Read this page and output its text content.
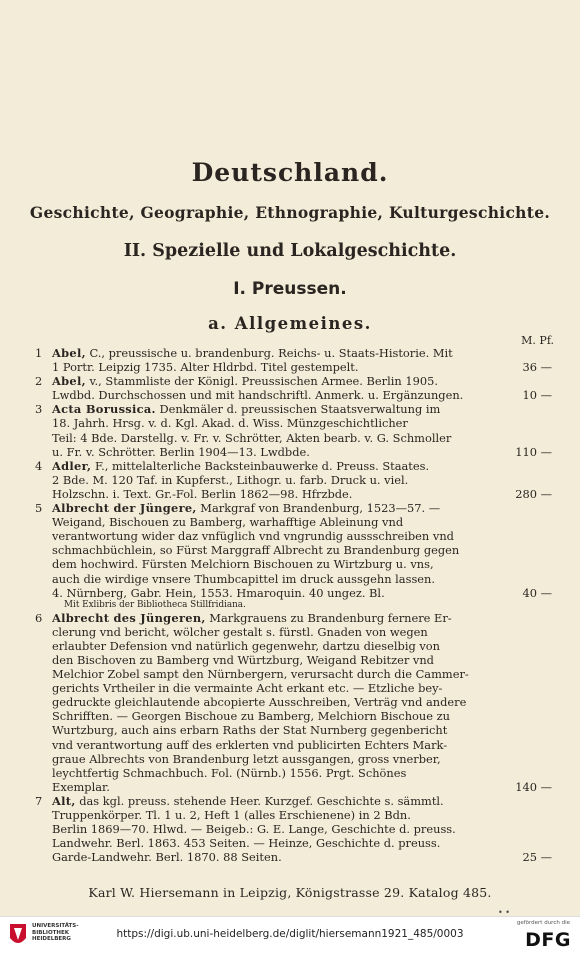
Deutschland.
Geschichte, Geographie, Ethnographie, Kulturgeschichte.
II. Spezielle und Lokalgeschichte.
I. Preussen.
a. Allgemeines.
M. Pf.
1 Abel, C., preussische u. brandenburg. Reichs- u. Staats-Historie. Mit
1 Portr. Leipzig 1735. Alter Hldrbd. Titel gestempelt.	36 —
2 Abel, v., Stammliste der Königl. Preussischen Armee. Berlin 1905.
Lwdbd. Durchschossen und mit handschriftl. Anmerk. u. Ergänzungen.	10 —
3 Acta Borussica. Denkmäler d. preussischen Staatsverwaltung im
18. Jahrh. Hrsg. v. d. Kgl. Akad. d. Wiss. Münzgeschichtlicher
Teil: 4 Bde. Darstellg. v. Fr. v. Schrötter, Akten bearb. v. G. Schmoller
u. Fr. v. Schrötter. Berlin 1904—13. Lwdbde.	110 —
4 Adler, F., mittelalterliche Backsteinbauwerke d. Preuss. Staates.
2 Bde. M. 120 Taf. in Kupferst., Lithogr. u. farb. Druck u. viel.
Holzschn. i. Text. Gr.-Fol. Berlin 1862—98. Hfrzbde.	280 —
5 Albrecht der Jüngere, Markgraf von Brandenburg, 1523—57. —
Weigand, Bischouen zu Bamberg, warhafftige Ableinung vnd
verantwortung wider daz vnfüglich vnd vngrundig aussschreiben vnd
schmachbüchlein, so Fürst Marggraff Albrecht zu Brandenburg gegen
dem hochwird. Fürsten Melchiorn Bischouen zu Wirtzburg u. vns,
auch die wirdige vnsere Thumbcapittel im druck aussgehn lassen.
4. Nürnberg, Gabr. Hein, 1553. Hmaroquin. 40 ungez. Bl.
Mit Exlibris der Bibliotheca Stillfridiana.
40 —
6 Albrecht des Jüngeren, Markgrauens zu Brandenburg fernere Er-
clerung vnd bericht, wölcher gestalt s. fürstl. Gnaden von wegen
erlaubter Defension vnd natürlich gegenwehr, dartzu dieselbig von
den Bischoven zu Bamberg vnd Würtzburg, Weigand Rebitzer vnd
Melchior Zobel sampt den Nürnbergern, verursacht durch die Cammer-
gerichts Vrtheiler in die vermainte Acht erkant etc. — Etzliche bey-
gedruckte gleichlautende abcopierte Ausschreiben, Verträg vnd andere
Schrifften. — Georgen Bischoue zu Bamberg, Melchiorn Bischoue zu
Wurtzburg, auch ains erbarn Raths der Stat Nurnberg gegenbericht
vnd verantwortung auff des erklerten vnd publicirten Echters Mark-
graue Albrechts von Brandenburg letzt aussgangen, gross vnerber,
leychtfertig Schmachbuch. Fol. (Nürnb.) 1556. Prgt. Schönes
Exemplar.	140 —
7 Alt, das kgl. preuss. stehende Heer. Kurzgef. Geschichte s. sämmtl.
Truppenkörper. Tl. 1 u. 2, Heft 1 (alles Erschienene) in 2 Bdn.
Berlin 1869—70. Hlwd. — Beigeb.: G. E. Lange, Geschichte d. preuss.
Landwehr. Berl. 1863. 453 Seiten. — Heinze, Geschichte d. preuss.
Garde-Landwehr. Berl. 1870. 88 Seiten.	25 —
Karl W. Hiersemann in Leipzig, Königstrasse 29. Katalog 485.
• •
UNIVERSITÄTS-
BIBLIOTHEK
HEIDELBERG	https://digi.ub.uni-heidelberg.de/diglit/hiersemann1921_485/0003
gefördert durch die
DFG
